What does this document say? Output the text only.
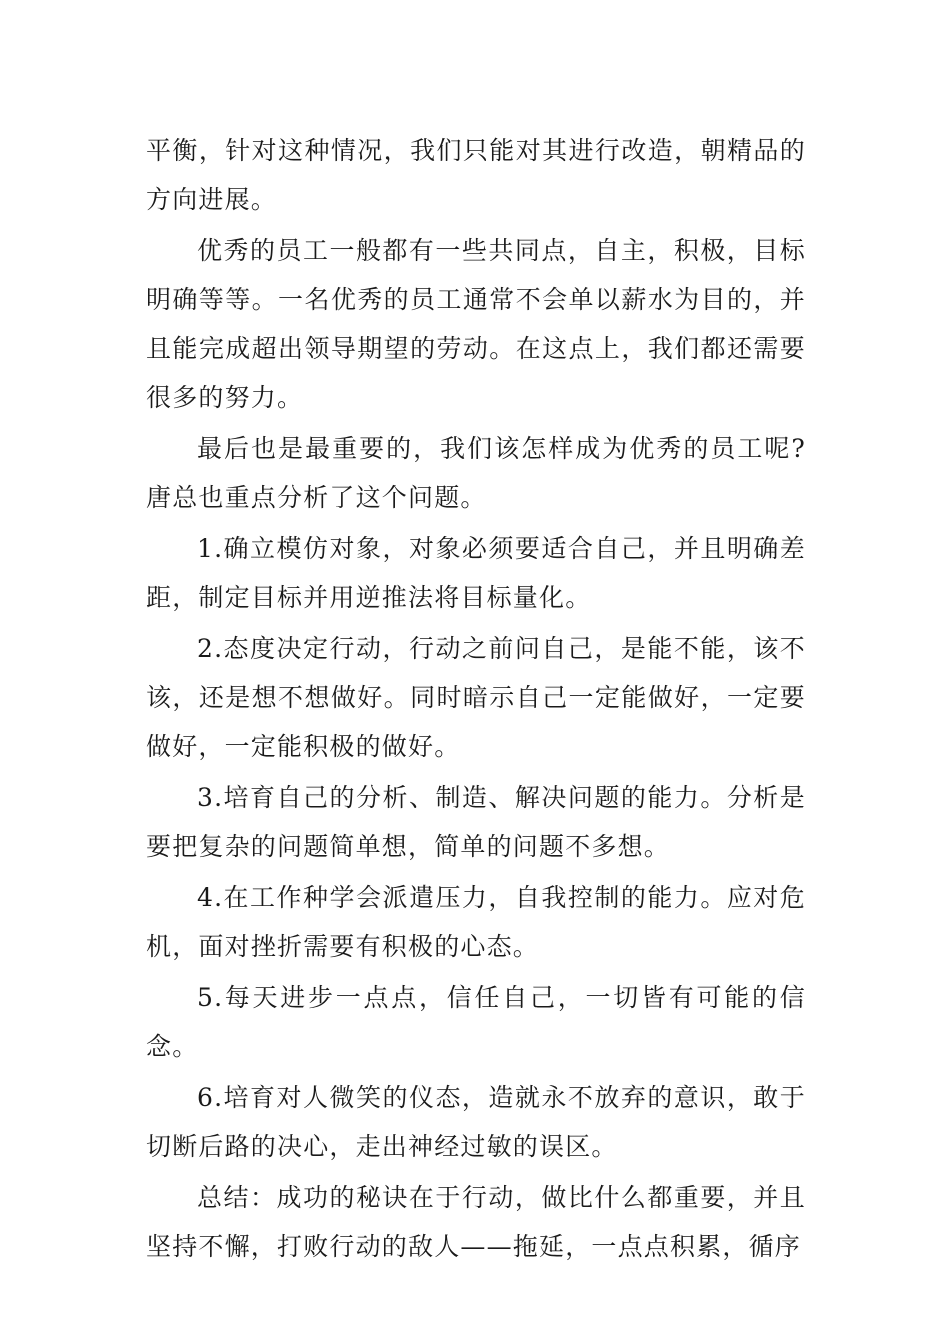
平衡，针对这种情况，我们只能对其进行改造，朝精品的方向进展。

优秀的员工一般都有一些共同点，自主，积极，目标明确等等。一名优秀的员工通常不会单以薪水为目的，并且能完成超出领导期望的劳动。在这点上，我们都还需要很多的努力。

最后也是最重要的，我们该怎样成为优秀的员工呢?唐总也重点分析了这个问题。

1.确立模仿对象，对象必须要适合自己，并且明确差距，制定目标并用逆推法将目标量化。

2.态度决定行动，行动之前问自己，是能不能，该不该，还是想不想做好。同时暗示自己一定能做好，一定要做好，一定能积极的做好。

3.培育自己的分析、制造、解决问题的能力。分析是要把复杂的问题简单想，简单的问题不多想。

4.在工作种学会派遣压力，自我控制的能力。应对危机，面对挫折需要有积极的心态。

5.每天进步一点点，信任自己，一切皆有可能的信念。

6.培育对人微笑的仪态，造就永不放弃的意识，敢于切断后路的决心，走出神经过敏的误区。

总结：成功的秘诀在于行动，做比什么都重要，并且坚持不懈，打败行动的敌人——拖延，一点点积累，循序
